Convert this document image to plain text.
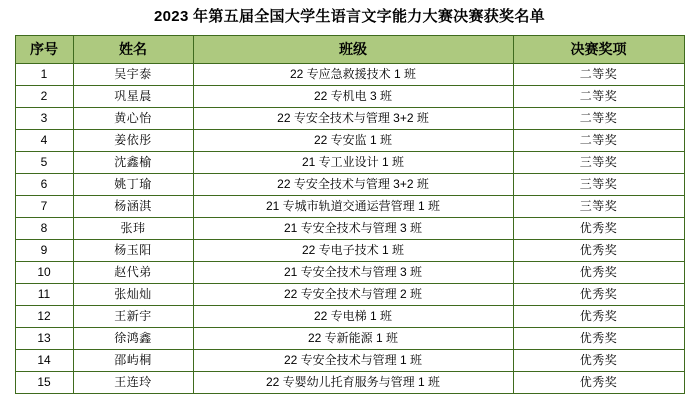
2023 年第五届全国大学生语言文字能力大赛决赛获奖名单
序号	姓名	班级	决赛奖项
1	吴宇泰	22 专应急救援技术 1 班	二等奖
2	巩星晨	22 专机电 3 班	二等奖
3	黄心怡	22 专安全技术与管理 3+2 班	二等奖
4	姜依彤	22 专安监 1 班	二等奖
5	沈鑫榆	21 专工业设计 1 班	三等奖
6	姚丁瑜	22 专安全技术与管理 3+2 班	三等奖
7	杨涵淇	21 专城市轨道交通运营管理 1 班	三等奖
8	张玮	21 专安全技术与管理 3 班	优秀奖
9	杨玉阳	22 专电子技术 1 班	优秀奖
10	赵代弟	21 专安全技术与管理 3 班	优秀奖
11	张灿灿	22 专安全技术与管理 2 班	优秀奖
12	王新宇	22 专电梯 1 班	优秀奖
13	徐鸿鑫	22 专新能源 1 班	优秀奖
14	邵屿桐	22 专安全技术与管理 1 班	优秀奖
15	王连玲	22 专婴幼儿托育服务与管理 1 班	优秀奖
